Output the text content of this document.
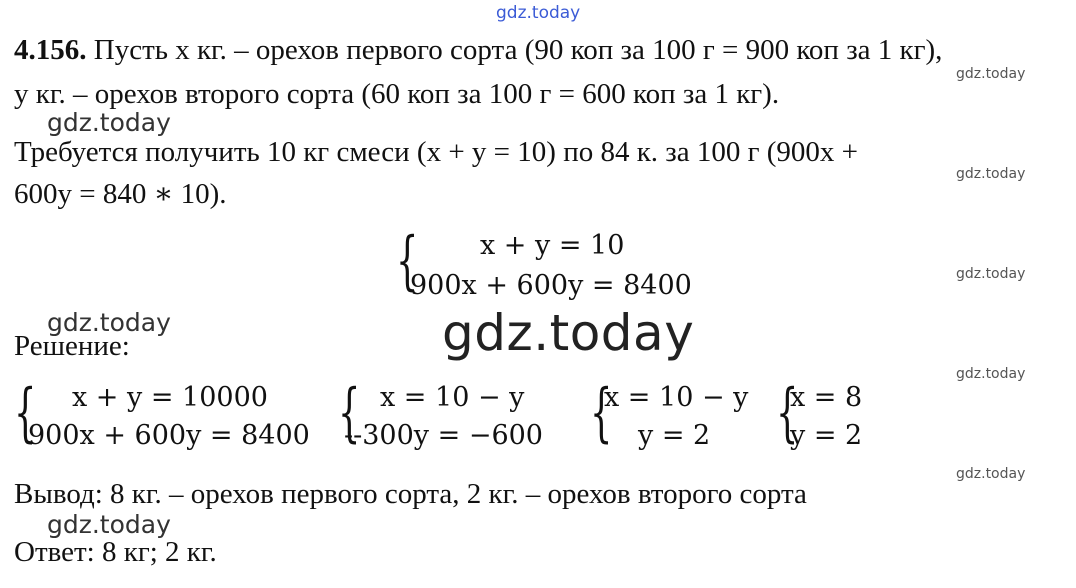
gdz.today
gdz.today
gdz.today
gdz.today
gdz.today
gdz.today
gdz.today
gdz.today
gdz.today
gdz.today
4.156. Пусть x кг. – орехов первого сорта (90 коп за 100 г = 900 коп за 1 кг),
y кг. – орехов второго сорта (60 коп за 100 г = 600 коп за 1 кг).
Требуется получить 10 кг смеси (x + y = 10) по 84 к. за 100 г (900x +
600y = 840 ∗ 10).
{ x + y = 10
900x + 600y = 8400
Решение:
{ x + y = 10000
900x + 600y = 8400 { x = 10 − y
--300y = −600 {
x = 10 − y
y = 2 {
x = 8
y = 2
Вывод: 8 кг. – орехов первого сорта, 2 кг. – орехов второго сорта
Ответ: 8 кг; 2 кг.
